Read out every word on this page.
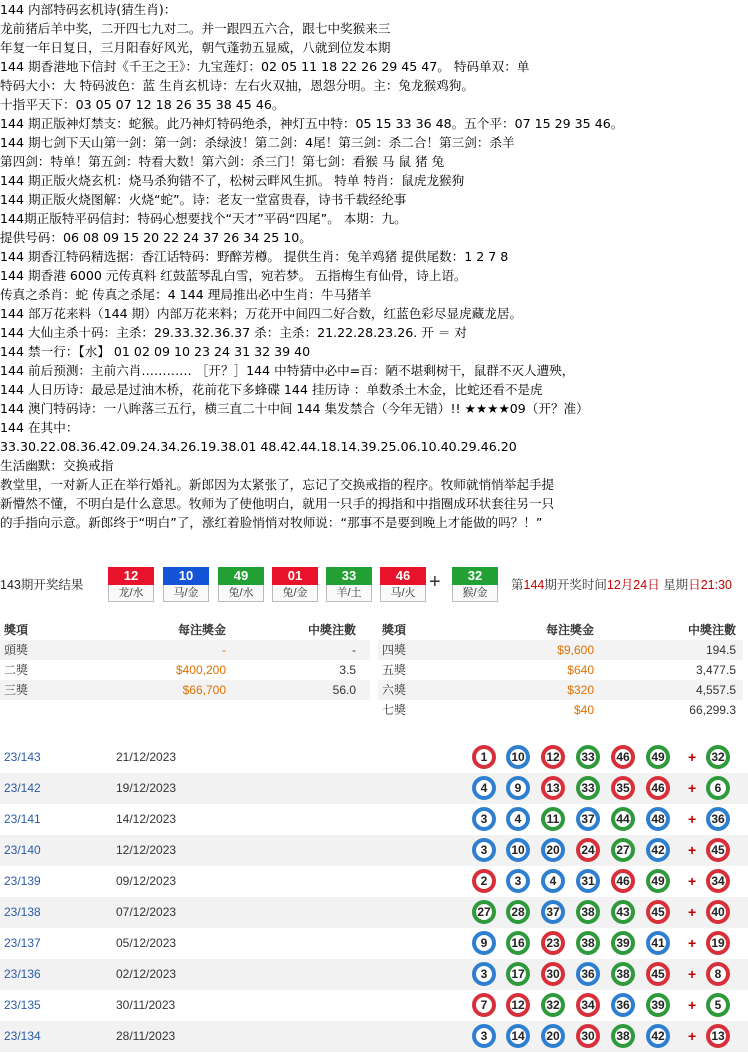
144 内部特码玄机诗(猜生肖)：
龙前猪后羊中奖，二开四七九对二。并一跟四五六合，跟七中奖猴来三
年复一年日复日，三月阳春好风光，朝气蓬勃五显威，八就到位发本期
144 期香港地下信封《千王之王》：九宝莲灯：02 05 11 18 22 26 29 45 47。 特码单双：单
特码大小：大 特码波色：蓝 生肖玄机诗：左右火双抽，恩怨分明。主：兔龙猴鸡狗。
十指平天下：03 05 07 12 18 26 35 38 45 46。
144 期正版神灯禁支：蛇猴。此乃神灯特码绝杀，神灯五中特：05 15 33 36 48。五个平：07 15 29 35 46。
144 期七剑下天山第一剑：第一剑：杀绿波！第二剑：4尾！第三剑：杀二合！第三剑：杀羊
第四剑：特单！第五剑：特看大数！第六剑：杀三门！第七剑：看猴 马 鼠 猪 兔
144 期正版火烧玄机：烧马杀狗错不了，松树云畔风生抓。 特单 特肖：鼠虎龙猴狗
144 期正版火烧图解：火烧“蛇”。诗：老友一堂富贵春，诗书千载经纶事
144期正版特平码信封：特码心想要找个“天才”平码“四尾”。 本期：九。
提供号码：06 08 09 15 20 22 24 37 26 34 25 10。
144 期香江特码精选据：香江话特码：野醉芳樽。 提供生肖：兔羊鸡猪 提供尾数：1 2 7 8
144 期香港 6000 元传真料 红鼓蓝琴乱白雪，宛若梦。 五指梅生有仙骨，诗上语。
传真之杀肖：蛇 传真之杀尾：4 144 理局推出必中生肖：牛马猪羊
144 部万花来料（144 期）内部万花来料；万花开中间四二好合数，红蓝色彩尽显虎藏龙居。
144 大仙主杀十码：主杀：29.33.32.36.37 杀：主杀：21.22.28.23.26. 开 ＝ 对
144 禁一行：【水】 01 02 09 10 23 24 31 32 39 40
144 前后预测：主前六肖………… ［开？］144 中特猜中必中=百：陋不堪剩树干，鼠群不灭人遭殃，
144 人日历诗：最忌是过油木桥，花前花下多蜂碟 144 挂历诗 ：单数杀土木金，比蛇还看不是虎
144 澳门特码诗：一八眸落三五行，横三直二十中间 144 集发禁合（今年无错）!! ★★★★09（开？准）
144 在其中：
33.30.22.08.36.42.09.24.34.26.19.38.01 48.42.44.18.14.39.25.06.10.40.29.46.20
生活幽默：交换戒指
教堂里，一对新人正在举行婚礼。新郎因为太紧张了，忘记了交换戒指的程序。牧师就悄悄举起手提
新懵然不懂，不明白是什么意思。牧师为了使他明白，就用一只手的拇指和中指圈成环状套往另一只
的手指向示意。新郎终于“明白”了，涨红着脸悄悄对牧师说：“那事不是要到晚上才能做的吗？！”
143期开奖结果
12
龙/水
10
马/金
49
兔/水
01
兔/金
33
羊/土
46
马/火
32
猴/金
+	第144期开奖时间12月24日 星期日21:30
獎項	每注獎金	中獎注數
頭獎	-	-
二獎	$400,200	3.5
三獎	$66,700	56.0
獎項	每注獎金	中獎注數
四獎	$9,600	194.5
五獎	$640	3,477.5
六獎	$320	4,557.5
七獎	$40	66,299.3
23/143	21/12/2023	1	10	12	33	46	49	+	32
23/142	19/12/2023	4	9	13	33	35	46	+	6
23/141	14/12/2023	3	4	11	37	44	48	+	36
23/140	12/12/2023	3	10	20	24	27	42	+	45
23/139	09/12/2023	2	3	4	31	46	49	+	34
23/138	07/12/2023	27	28	37	38	43	45	+	40
23/137	05/12/2023	9	16	23	38	39	41	+	19
23/136	02/12/2023	3	17	30	36	38	45	+	8
23/135	30/11/2023	7	12	32	34	36	39	+	5
23/134	28/11/2023	3	14	20	30	38	42	+	13
